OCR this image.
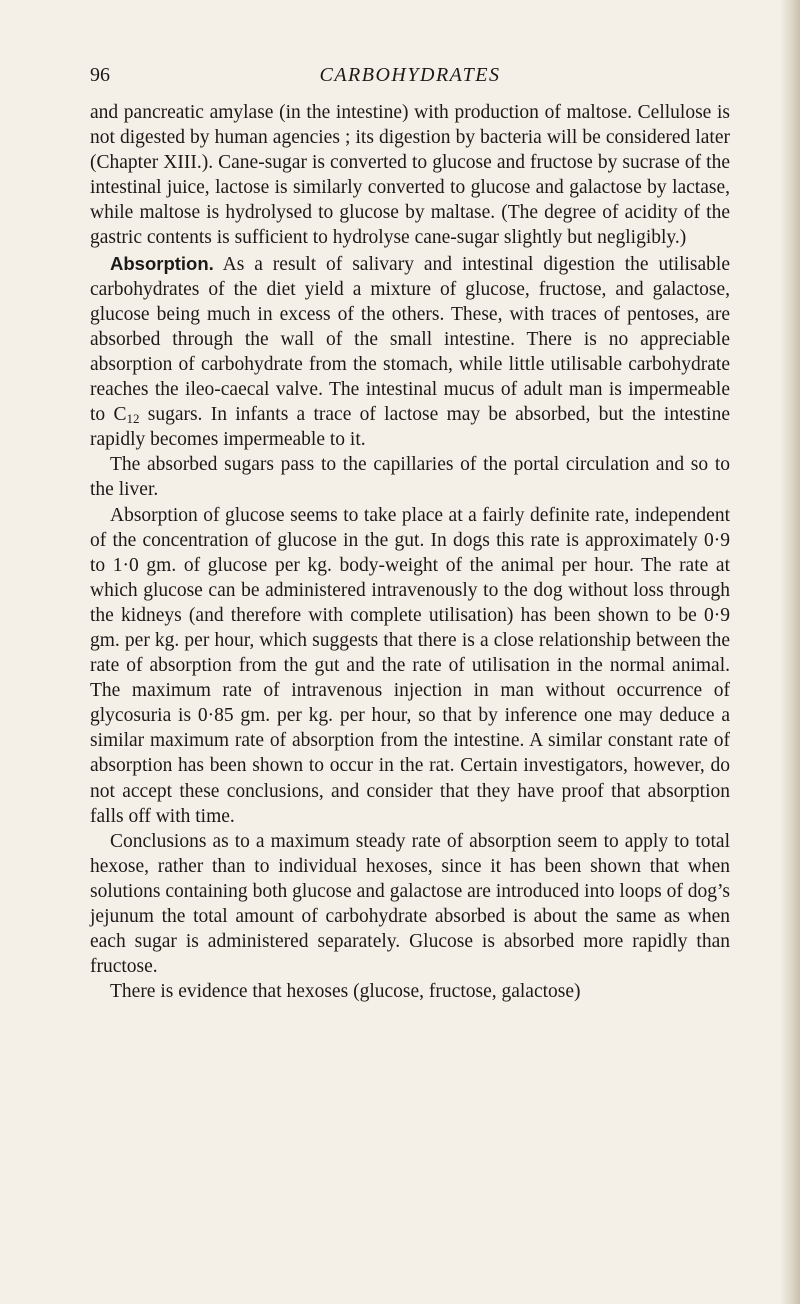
96	CARBOHYDRATES

and pancreatic amylase (in the intestine) with production of maltose. Cellulose is not digested by human agencies ; its digestion by bacteria will be considered later (Chapter XIII.). Cane-sugar is converted to glucose and fructose by sucrase of the intestinal juice, lactose is similarly converted to glucose and galactose by lactase, while maltose is hydrolysed to glucose by maltase. (The degree of acidity of the gastric contents is sufficient to hydrolyse cane-sugar slightly but negligibly.)

Absorption. As a result of salivary and intestinal digestion the utilisable carbohydrates of the diet yield a mixture of glucose, fructose, and galactose, glucose being much in excess of the others. These, with traces of pentoses, are absorbed through the wall of the small intestine. There is no appreciable absorption of carbohydrate from the stomach, while little utilisable carbohydrate reaches the ileo-caecal valve. The intestinal mucus of adult man is impermeable to $C_{12}$ sugars. In infants a trace of lactose may be absorbed, but the intestine rapidly becomes impermeable to it.

The absorbed sugars pass to the capillaries of the portal circulation and so to the liver.

Absorption of glucose seems to take place at a fairly definite rate, independent of the concentration of glucose in the gut. In dogs this rate is approximately 0·9 to 1·0 gm. of glucose per kg. body-weight of the animal per hour. The rate at which glucose can be administered intravenously to the dog without loss through the kidneys (and therefore with complete utilisation) has been shown to be 0·9 gm. per kg. per hour, which suggests that there is a close relationship between the rate of absorption from the gut and the rate of utilisation in the normal animal. The maximum rate of intravenous injection in man without occurrence of glycosuria is 0·85 gm. per kg. per hour, so that by inference one may deduce a similar maximum rate of absorption from the intestine. A similar constant rate of absorption has been shown to occur in the rat. Certain investigators, however, do not accept these conclusions, and consider that they have proof that absorption falls off with time.

Conclusions as to a maximum steady rate of absorption seem to apply to total hexose, rather than to individual hexoses, since it has been shown that when solutions containing both glucose and galactose are introduced into loops of dog’s jejunum the total amount of carbohydrate absorbed is about the same as when each sugar is administered separately. Glucose is absorbed more rapidly than fructose.

There is evidence that hexoses (glucose, fructose, galactose)
